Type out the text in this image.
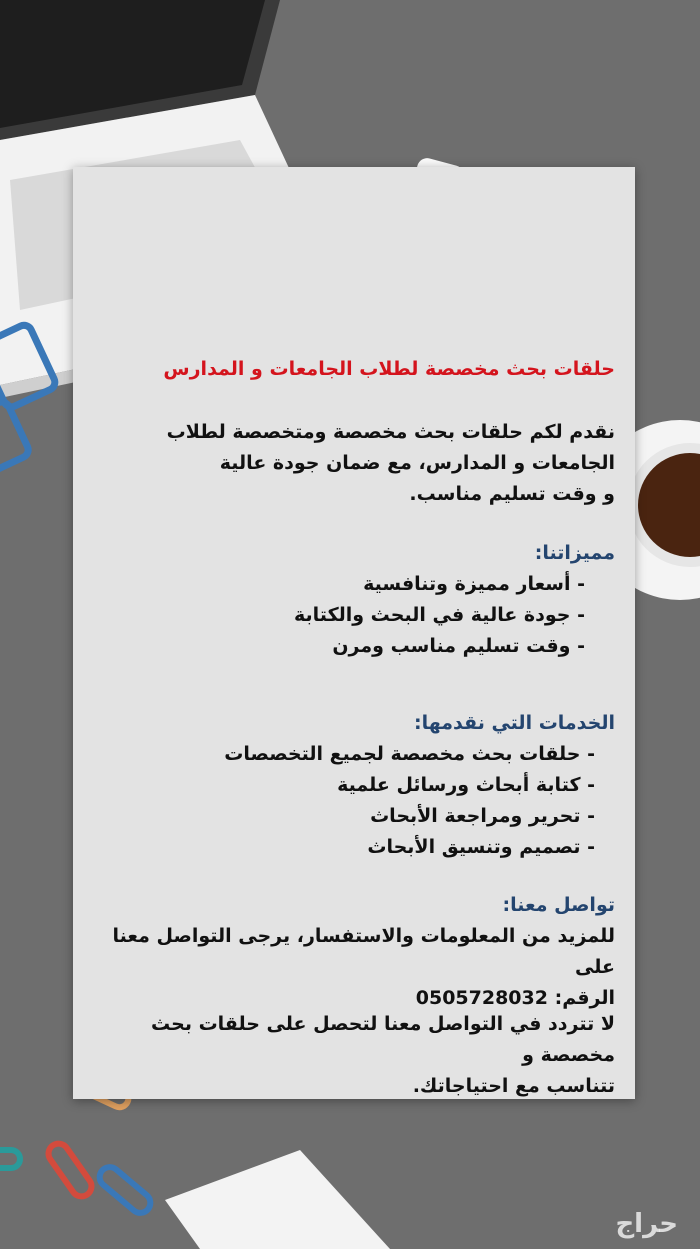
حلقات بحث مخصصة لطلاب الجامعات و المدارس
نقدم لكم حلقات بحث مخصصة ومتخصصة لطلاب
الجامعات و المدارس، مع ضمان جودة عالية
و وقت تسليم مناسب.
مميزاتنا:
- أسعار مميزة وتنافسية
- جودة عالية في البحث والكتابة
- وقت تسليم مناسب ومرن
الخدمات التي نقدمها:
- حلقات بحث مخصصة لجميع التخصصات
- كتابة أبحاث ورسائل علمية
- تحرير ومراجعة الأبحاث
- تصميم وتنسيق الأبحاث
تواصل معنا:
للمزيد من المعلومات والاستفسار، يرجى التواصل معنا على
الرقم: 0505728032
لا تتردد في التواصل معنا لتحصل على حلقات بحث مخصصة و
تتناسب مع احتياجاتك.
حراج
